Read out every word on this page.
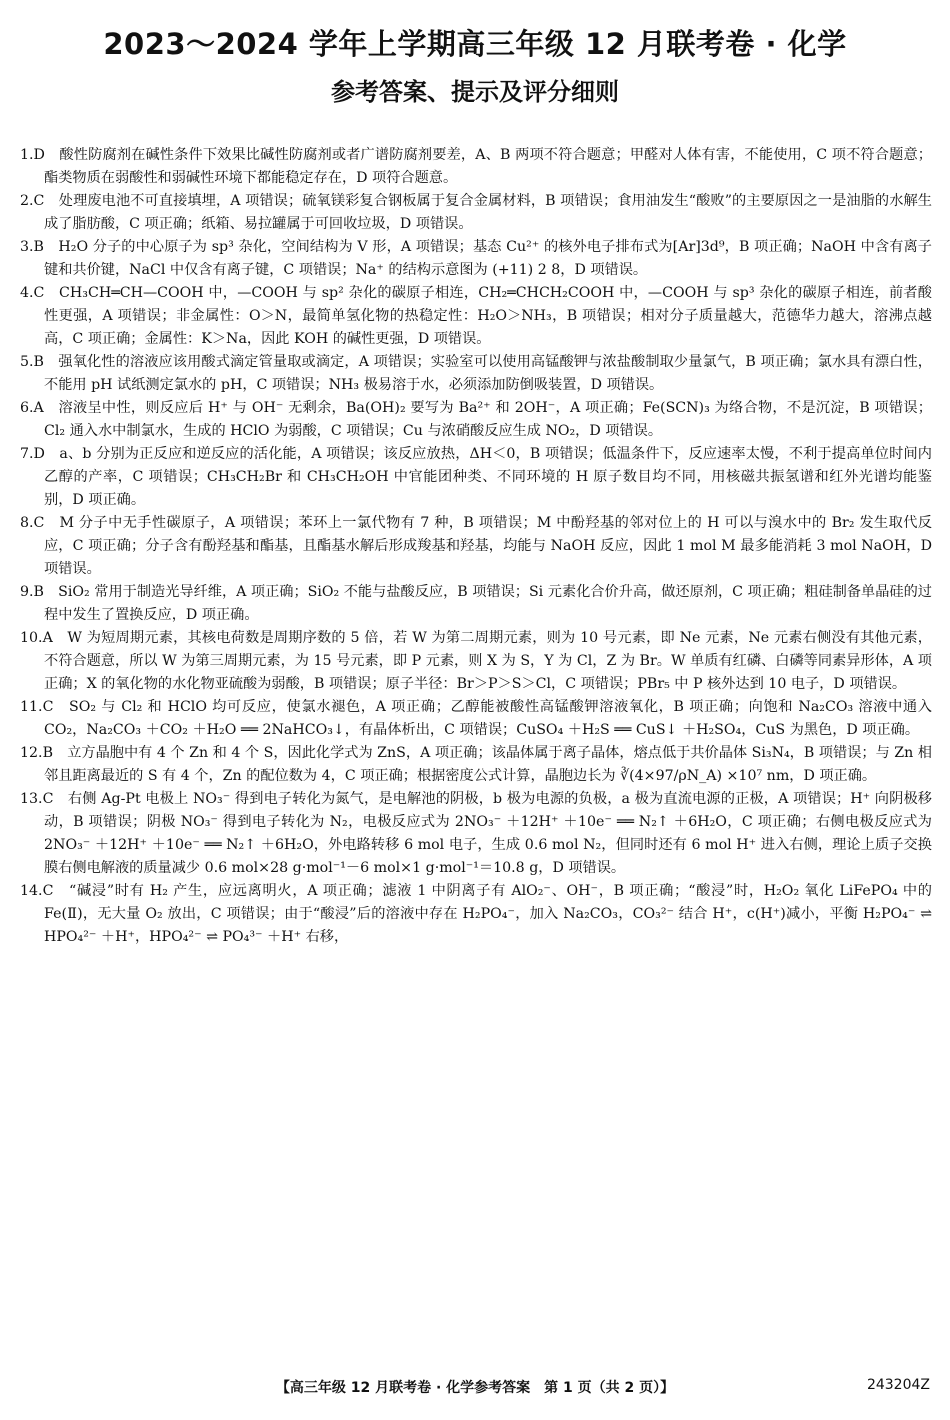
2023～2024 学年上学期高三年级 12 月联考卷 · 化学
参考答案、提示及评分细则

1.D　 酸性防腐剂在碱性条件下效果比碱性防腐剂或者广谱防腐剂要差，A、B 两项不符合题意；甲醛对人体有害，不能使用，C 项不符合题意；酯类物质在弱酸性和弱碱性环境下都能稳定存在，D 项符合题意。

2.C　 处理废电池不可直接填埋，A 项错误；硫氧镁彩复合钢板属于复合金属材料，B 项错误；食用油发生“酸败”的主要原因之一是油脂的水解生成了脂肪酸，C 项正确；纸箱、易拉罐属于可回收垃圾，D 项错误。

3.B　 H₂O 分子的中心原子为 sp³ 杂化，空间结构为 V 形，A 项错误；基态 Cu²⁺ 的核外电子排布式为[Ar]3d⁹，B 项正确；NaOH 中含有离子键和共价键，NaCl 中仅含有离子键，C 项错误；Na⁺ 的结构示意图为 (+11) 2 8，D 项错误。

4.C　 CH₃CH═CH—COOH 中，—COOH 与 sp² 杂化的碳原子相连，CH₂═CHCH₂COOH 中，—COOH 与 sp³ 杂化的碳原子相连，前者酸性更强，A 项错误；非金属性：O＞N，最简单氢化物的热稳定性：H₂O＞NH₃，B 项错误；相对分子质量越大，范德华力越大，溶沸点越高，C 项正确；金属性：K＞Na，因此 KOH 的碱性更强，D 项错误。

5.B　 强氧化性的溶液应该用酸式滴定管量取或滴定，A 项错误；实验室可以使用高锰酸钾与浓盐酸制取少量氯气，B 项正确；氯水具有漂白性，不能用 pH 试纸测定氯水的 pH，C 项错误；NH₃ 极易溶于水，必须添加防倒吸装置，D 项错误。

6.A　 溶液呈中性，则反应后 H⁺ 与 OH⁻ 无剩余，Ba(OH)₂ 要写为 Ba²⁺ 和 2OH⁻，A 项正确；Fe(SCN)₃ 为络合物，不是沉淀，B 项错误；Cl₂ 通入水中制氯水，生成的 HClO 为弱酸，C 项错误；Cu 与浓硝酸反应生成 NO₂，D 项错误。

7.D　 a、b 分别为正反应和逆反应的活化能，A 项错误；该反应放热，ΔH＜0，B 项错误；低温条件下，反应速率太慢，不利于提高单位时间内乙醇的产率，C 项错误；CH₃CH₂Br 和 CH₃CH₂OH 中官能团种类、不同环境的 H 原子数目均不同，用核磁共振氢谱和红外光谱均能鉴别，D 项正确。

8.C　 M 分子中无手性碳原子，A 项错误；苯环上一氯代物有 7 种，B 项错误；M 中酚羟基的邻对位上的 H 可以与溴水中的 Br₂ 发生取代反应，C 项正确；分子含有酚羟基和酯基，且酯基水解后形成羧基和羟基，均能与 NaOH 反应，因此 1 mol M 最多能消耗 3 mol NaOH，D 项错误。

9.B　 SiO₂ 常用于制造光导纤维，A 项正确；SiO₂ 不能与盐酸反应，B 项错误；Si 元素化合价升高，做还原剂，C 项正确；粗硅制备单晶硅的过程中发生了置换反应，D 项正确。

10.A　 W 为短周期元素，其核电荷数是周期序数的 5 倍，若 W 为第二周期元素，则为 10 号元素，即 Ne 元素，Ne 元素右侧没有其他元素，不符合题意，所以 W 为第三周期元素，为 15 号元素，即 P 元素，则 X 为 S，Y 为 Cl，Z 为 Br。W 单质有红磷、白磷等同素异形体，A 项正确；X 的氧化物的水化物亚硫酸为弱酸，B 项错误；原子半径：Br＞P＞S＞Cl，C 项错误；PBr₅ 中 P 核外达到 10 电子，D 项错误。

11.C　 SO₂ 与 Cl₂ 和 HClO 均可反应，使氯水褪色，A 项正确；乙醇能被酸性高锰酸钾溶液氧化，B 项正确；向饱和 Na₂CO₃ 溶液中通入 CO₂，Na₂CO₃ ＋CO₂ ＋H₂O ══ 2NaHCO₃↓，有晶体析出，C 项错误；CuSO₄ ＋H₂S ══ CuS↓ ＋H₂SO₄，CuS 为黑色，D 项正确。

12.B　 立方晶胞中有 4 个 Zn 和 4 个 S，因此化学式为 ZnS，A 项正确；该晶体属于离子晶体，熔点低于共价晶体 Si₃N₄，B 项错误；与 Zn 相邻且距离最近的 S 有 4 个，Zn 的配位数为 4，C 项正确；根据密度公式计算，晶胞边长为 ∛(4×97/ρN_A) ×10⁷ nm，D 项正确。

13.C　 右侧 Ag-Pt 电极上 NO₃⁻ 得到电子转化为氮气，是电解池的阴极，b 极为电源的负极，a 极为直流电源的正极，A 项错误；H⁺ 向阴极移动，B 项错误；阴极 NO₃⁻ 得到电子转化为 N₂，电极反应式为 2NO₃⁻ ＋12H⁺ ＋10e⁻ ══ N₂↑ ＋6H₂O，C 项正确；右侧电极反应式为 2NO₃⁻ ＋12H⁺ ＋10e⁻ ══ N₂↑ ＋6H₂O，外电路转移 6 mol 电子，生成 0.6 mol N₂，但同时还有 6 mol H⁺ 进入右侧，理论上质子交换膜右侧电解液的质量减少 0.6 mol×28 g·mol⁻¹－6 mol×1 g·mol⁻¹＝10.8 g，D 项错误。

14.C　 “碱浸”时有 H₂ 产生，应远离明火，A 项正确；滤液 1 中阴离子有 AlO₂⁻、OH⁻，B 项正确；“酸浸”时，H₂O₂ 氧化 LiFePO₄ 中的 Fe(Ⅱ)，无大量 O₂ 放出，C 项错误；由于“酸浸”后的溶液中存在 H₂PO₄⁻，加入 Na₂CO₃，CO₃²⁻ 结合 H⁺，c(H⁺)减小，平衡 H₂PO₄⁻ ⇌ HPO₄²⁻ ＋H⁺，HPO₄²⁻ ⇌ PO₄³⁻ ＋H⁺ 右移，

【高三年级 12 月联考卷 · 化学参考答案　第 1 页（共 2 页）】	243204Z
